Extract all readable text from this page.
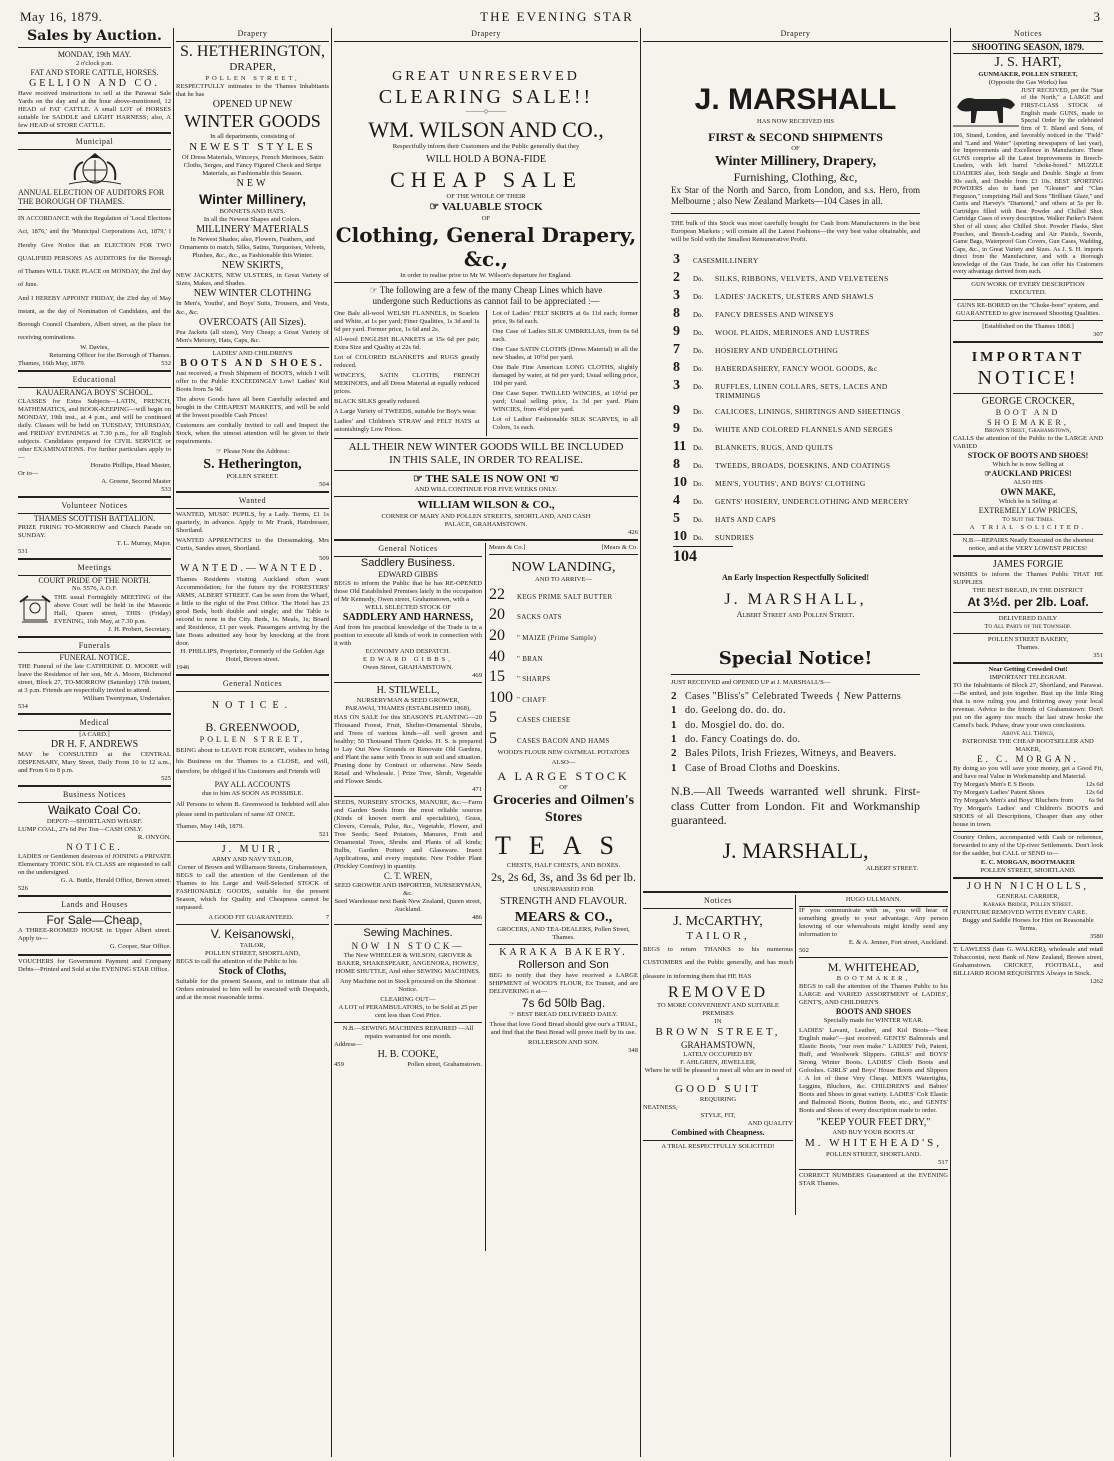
May 16, 1879.	THE EVENING STAR	3
Sales by Auction.
MONDAY, 19th MAY.
2 o'clock p.m.
FAT AND STORE CATTLE, HORSES.
GELLION AND CO.
Have received instructions to sell at the Parawai Sale Yards on the day and at the hour above-mentioned, 12 HEAD of FAT CATTLE. A small LOT of HORSES suitable for SADDLE and LIGHT HARNESS; also, A few HEAD of STORE CATTLE.
Municipal
ANNUAL ELECTION OF AUDITORS FOR THE BOROUGH OF THAMES.
IN ACCORDANCE with the Regulation of 'Local Elections Act, 1876,' and the 'Municipal Corporations Act, 1879,' I Hereby Give Notice that an ELECTION FOR TWO QUALIFIED PERSONS AS AUDITORS for the Borough of Thames WILL TAKE PLACE on MONDAY, the 2nd day of June.
And I HEREBY APPOINT FRIDAY, the 23rd day of May instant, as the day of Nomination of Candidates, and the Borough Council Chambers, Albert street, as the place for receiving nominations.
W. Davies,
Returning Officer for the Borough of Thames.
Thames, 16th May, 1879.	532
Educational
KAUAERANGA BOYS' SCHOOL.
CLASSES for Extra Subjects—LATIN, FRENCH, MATHEMATICS, and BOOK-KEEPING—will begin on MONDAY, 19th inst., at 4 p.m., and will be continued daily. Classes will be held on TUESDAY, THURSDAY, and FRIDAY EVENINGS at 7.30 p.m., for all English subjects. Candidates prepared for CIVIL SERVICE or other EXAMINATIONS. For further particulars apply to—
Horatio Phillips, Head Master,
Or to—
A. Greene, Second Master
533
Volunteer Notices
THAMES SCOTTISH BATTALION.
PRIZE FIRING TO-MORROW and Church Parade on SUNDAY.
T. L. Murray, Major.
531
Meetings
COURT PRIDE OF THE NORTH.
No. 5576, A.O.F.
THE usual Fortnightly MEETING of the above Court will be held in the Masonic Hall, Queen street, THIS (Friday) EVENING, 16th May, at 7.30 p.m.
J. H. Probert, Secretary.
Funerals
FUNERAL NOTICE.
THE Funeral of the late CATHERINE D. MOORE will leave the Residence of her son, Mr A. Moore, Richmond street, Block 27, TO-MORROW (Saturday) 17th instant, at 3 p.m. Friends are respectfully invited to attend.
William Twentyman, Undertaker.
534
Medical
[A CARD.]
DR H. F. ANDREWS
MAY be CONSULTED at the CENTRAL DISPENSARY, Mary Street, Daily From 10 to 12 a.m., and From 6 to 8 p.m.
525
Business Notices
Waikato Coal Co.
DEPOT:—SHORTLAND WHARF.
LUMP COAL, 27s 6d Per Ton—CASH ONLY.
R. ONYON.
NOTICE.
LADIES or Gentlemen desirous of JOINING a PRIVATE Elementary TONIC SOL FA CLASS are requested to call on the undersigned.
G. A. Buttle, Herald Office, Brown street.
526
Lands and Houses
For Sale—Cheap,
A THREE-ROOMED HOUSE in Upper Albert street. Apply to—
G. Cooper, Star Office.
VOUCHERS for Government Payment and Company Debts—Printed and Sold at the EVENING STAR Office.
Drapery
S. HETHERINGTON,
DRAPER,
POLLEN STREET,
RESPECTFULLY intimates to the Thames Inhabitants that he has
OPENED UP NEW
WINTER GOODS
In all departments, consisting of
NEWEST STYLES
Of Dress Materials, Winceys, French Merinoes, Satin Cloths, Serges, and Fancy Figured Check and Stripe Materials, as Fashionable this Season.
NEW
Winter Millinery,
BONNETS AND HATS.
In all the Newest Shapes and Colors.
MILLINERY MATERIALS
In Newest Shades; also, Flowers, Feathers, and Ornaments to match, Silks, Satins, Turquoises, Velvets, Plushes, &c., &c., as Fashionable this Winter.
NEW SKIRTS,
NEW JACKETS, NEW ULSTERS, in Great Variety of Sizes, Makes, and Shades.
NEW WINTER CLOTHING
In Men's, Youths', and Boys' Suits, Trousers, and Vests, &c., &c.
OVERCOATS (All Sizes).
Pea Jackets (all sizes), Very Cheap; a Great Variety of Men's Mercery, Hats, Caps, &c.
LADIES' AND CHILDREN'S
BOOTS AND SHOES.
Just received, a Fresh Shipment of BOOTS, which I will offer to the Public EXCEEDINGLY Low! Ladies' Kid Boots from 5s 9d.
The above Goods have all been Carefully selected and bought in the CHEAPEST MARKETS, and will be sold at the lowest possible Cash Prices!
Customers are cordially invited to call and Inspect the Stock, when the utmost attention will be given to their requirements.
☞ Please Note the Address:
S. Hetherington,
POLLEN STREET.
504
Wanted
WANTED, MUSIC PUPILS, by a Lady. Terms, £1 1s quarterly, in advance. Apply to Mr Frank, Hairdresser, Shortland.
WANTED APPRENTICES to the Dressmaking. Mrs Curtis, Sandes street, Shortland.
509
WANTED.—WANTED.
Thames Residents visiting Auckland often want Accommodation; for the future try the FORESTERS' ARMS, ALBERT STREET. Can be seen from the Wharf, a little to the right of the Post Office. The Hotel has 23 good Beds, both double and single; and the Table is second to none in the City. Beds, 1s. Meals, 1s; Board and Residence, £1 per week. Passengers arriving by the late Boats admitted any hour by knocking at the front door.
H. PHILLIPS, Proprietor, Formerly of the Golden Age Hotel, Brown street.
1946
General Notices
NOTICE.
B. GREENWOOD,
POLLEN STREET,
BEING about to LEAVE FOR EUROPE, wishes to bring his Business on the Thames to a CLOSE, and will, therefore, be obliged if his Customers and Friends will
PAY ALL ACCOUNTS
due to him AS SOON AS POSSIBLE.
All Persons to whom B. Greenwood is Indebted will also please send in particulars of same AT ONCE.
Thames, May 14th, 1879.
521
J. MUIR,
ARMY AND NAVY TAILOR,
Corner of Brown and Williamson Streets, Grahamstown,
BEGS to call the attention of the Gentlemen of the Thames to his Large and Well-Selected STOCK of FASHIONABLE GOODS, suitable for the present Season, which for Quality and Cheapness cannot be surpassed.
A GOOD FIT GUARANTEED.	7
V. Keisanowski,
TAILOR,
POLLEN STREET, SHORTLAND,
BEGS to call the attention of the Public to his
Stock of Cloths,
Suitable for the present Season, and to intimate that all Orders entrusted to him will be executed with Despatch, and at the most reasonable terms.
Drapery
GREAT UNRESERVED
CLEARING SALE!!
———◇———
WM. WILSON AND CO.,
Respectfully inform their Customers and the Public generally that they
WILL HOLD A BONA-FIDE
CHEAP SALE
OF THE WHOLE OF THEIR
☞ VALUABLE STOCK
OF
Clothing, General Drapery, &c.,
In order to realise prior to Mr W. Wilson's departure for England.
☞ The following are a few of the many Cheap Lines which have undergone such Reductions as cannot fail to be appreciated :—
One Bale all-wool WELSH FLANNELS, in Scarlets and White, at 1s per yard; Finer Qualities, 1s 3d and 1s 6d per yard. Former price, 1s 6d and 2s.
All-wool ENGLISH BLANKETS at 15s 6d per pair; Extra Size and Quality at 22s 6d.
Lot of COLORED BLANKETS and RUGS greatly reduced.
WINCEYS, SATIN CLOTHS, FRENCH MERINOES, and all Dress Material at equally reduced prices.
BLACK SILKS greatly reduced.
A Large Variety of TWEEDS, suitable for Boy's wear.
Ladies' and Children's STRAW and FELT HATS at astonishingly Low Prices.
Lot of Ladies' FELT SKIRTS at 6s 11d each; former price, 9s 6d each.
One Case of Ladies SILK UMBRELLAS, from 6s 6d each.
One Case SATIN CLOTHS (Dress Material) in all the new Shades, at 10½d per yard.
One Bale Fine American LONG CLOTHS, slightly damaged by water, at 6d per yard; Usual selling price, 10d per yard.
One Case Super. TWILLED WINCIES, at 10½d per yard; Usual selling price, 1s 3d per yard. Plain WINCIES, from 4½d per yard.
Lot of Ladies' Fashionable SILK SCARVES, in all Colors, 1s each.
ALL THEIR NEW WINTER GOODS WILL BE INCLUDED IN THIS SALE, IN ORDER TO REALISE.
☞ THE SALE IS NOW ON! ☜
AND WILL CONTINUE FOR FIVE WEEKS ONLY.
WILLIAM WILSON & CO.,
CORNER OF MARY AND POLLEN STREETS, SHORTLAND, AND CASH PALACE, GRAHAMSTOWN.
426
General Notices
Saddlery Business.
EDWARD GIBBS
BEGS to inform the Public that he has RE-OPENED those Old Established Premises lately in the occupation of Mr Kennedy, Owen street, Grahamstown, with a
WELL SELECTED STOCK OF
SADDLERY AND HARNESS,
And from his practical knowledge of the Trade is in a position to execute all kinds of work in connection with it with
ECONOMY AND DESPATCH.
EDWARD GIBBS,
Owen Street, GRAHAMSTOWN.
469
H. STILWELL,
NURSERYMAN & SEED GROWER,
PARAWAI, THAMES (ESTABLISHED 1868),
HAS ON SALE for this SEASON'S PLANTING—20 Thousand Forest, Fruit, Shelter-Ornamental Shrubs, and Trees of various kinds—all well grown and healthy; 50 Thousand Thorn Quicks. H. S. is prepared to Lay Out New Grounds or Renovate Old Gardens, and Plant the same with Trees to suit soil and situation. Pruning done by Contract or otherwise. New Seeds Retail and Wholesale. | Prize Tree, Shrub, Vegetable and Flower Seeds.
471
SEEDS, NURSERY STOCKS, MANURE, &c.—Farm and Garden Seeds from the most reliable sources (Kinds of known merit and specialities), Grass, Clovers, Cereals, Pulse, &c., Vegetable, Flower, and Tree Seeds; Seed Potatoes, Manures, Fruit and Ornamental Trees, Shrubs and Plants of all kinds; Bulbs, Garden Pottery and Glassware. Insect Applications, and every requisite. New Fodder Plant (Prickley Comfrey) in quantity.
C. T. WREN,
SEED GROWER AND IMPORTER, NURSERYMAN, &c.
Seed Warehouse next Bank New Zealand, Queen street, Auckland.
486
Sewing Machines.
NOW IN STOCK—
The New WHEELER & WILSON, GROVER & BAKER, SHAKESPEARE, ANGENORA, HOWES', HOME SHUTTLE, And other SEWING MACHINES.
Any Machine not in Stock procured on the Shortest Notice.
CLEARING OUT—
A LOT of PERAMBULATORS, to be Sold at 25 per cent less than Cost Price.
N.B.—SEWING MACHINES REPAIRED —All repairs warranted for one month.
Address—
H. B. COOKE,
459	Pollen street, Grahamstown.
Mears & Co.]	[Mears & Co.
NOW LANDING,
AND TO ARRIVE—
22	KEGS PRIME SALT BUTTER
20	SACKS OATS
20	" MAIZE (Prime Sample)
40	" BRAN
15	" SHARPS
100 " CHAFF
5	CASES CHEESE
5	CASES BACON AND HAMS
WOOD'S FLOUR NEW OATMEAL POTATOES
ALSO—
A LARGE STOCK
OF
Groceries and Oilmen's Stores
TEAS
CHESTS, HALF CHESTS, AND BOXES.
2s, 2s 6d, 3s, and 3s 6d per lb.
UNSURPASSED FOR
STRENGTH AND FLAVOUR.
MEARS & CO.,
GROCERS, AND TEA-DEALERS, Pollen Street, Thames.
KARAKA BAKERY.
Rollerson and Son
BEG to notify that they have received a LARGE SHIPMENT of WOOD'S FLOUR, Ex Transit, and are DELIVERING it at—
7s 6d 50lb Bag.
☞ BEST BREAD DELIVERED DAILY.
Those that love Good Bread should give our's a TRIAL, and find that the Best Bread will prove itself by its use.
ROLLERSON AND SON.
348
Drapery
J. MARSHALL
HAS NOW RECEIVED HIS
FIRST & SECOND SHIPMENTS
OF
Winter Millinery, Drapery,
Furnishing, Clothing, &c,
Ex Star of the North and Sarco, from London, and s.s. Hero, from Melbourne ; also New Zealand Markets—104 Cases in all.
THE bulk of this Stock was most carefully bought for Cash from Manufacturers in the best European Markets ; will contain all the Latest Fashions—the very best value obtainable, and will be Sold with the Smallest Remunerative Profit.
3	CASES MILLINERY
2	Do.	SILKS, RIBBONS, VELVETS, AND VELVETEENS
3	Do.	LADIES' JACKETS, ULSTERS AND SHAWLS
8	Do.	FANCY DRESSES AND WINSEYS
9	Do.	WOOL PLAIDS, MERINOES AND LUSTRES
7	Do.	HOSIERY AND UNDERCLOTHING
8	Do.	HABERDASHERY, FANCY WOOL GOODS, &c
3	Do.	RUFFLES, LINEN COLLARS, SETS, LACES AND TRIMMINGS
9	Do.	CALICOES, LININGS, SHIRTINGS AND SHEETINGS
9	Do.	WHITE AND COLORED FLANNELS AND SERGES
11 Do.	BLANKETS, RUGS, AND QUILTS
8	Do.	TWEEDS, BROADS, DOESKINS, AND COATINGS
10 Do.	MEN'S, YOUTHS', AND BOYS' CLOTHING
4	Do.	GENTS' HOSIERY, UNDERCLOTHING AND MERCERY
5	Do.	HATS AND CAPS
10 Do.	SUNDRIES
104
An Early Inspection Respectfully Solicited!
J. MARSHALL,
Albert Street and Pollen Street.
Special Notice!
JUST RECEIVED and OPENED UP at J. MARSHALL'S—
2 Cases "Bliss's" Celebrated Tweeds { New Patterns
1 do. Geelong do. do. do.
1 do. Mosgiel do. do. do.
1 do. Fancy Coatings do. do.
2 Bales Pilots, Irish Friezes, Witneys, and Beavers.
1 Case of Broad Cloths and Doeskins.
N.B.—All Tweeds warranted well shrunk. First-class Cutter from London. Fit and Workmanship guaranteed.
J. MARSHALL,
ALBERT STREET.
Notices
J. McCARTHY,
TAILOR,
BEGS to return THANKS to his numerous CUSTOMERS and the Public generally, and has much pleasure in informing them that HE HAS
REMOVED
TO MORE CONVENIENT AND SUITABLE PREMISES
IN
BROWN STREET,
GRAHAMSTOWN,
LATELY OCCUPIED BY
F. AHLGREN, JEWELLER,
Where he will be pleased to meet all who are in need of a
GOOD SUIT
REQUIRING
NEATNESS,
STYLE, FIT,
AND QUALITY
Combined with Cheapness.
A TRIAL RESPECTFULLY SOLICITED!
HUGO ULLMANN.
IF you communicate with us, you will hear of something greatly to your advantage. Any person knowing of our whereabouts might kindly send any information to
E. & A. Jenner, Fort street, Auckland.
502
M. WHITEHEAD,
BOOTMAKER,
BEGS to call the attention of the Thames Public to his LARGE and VARIED ASSORTMENT of LADIES', GENT'S, AND CHILDREN'S
BOOTS AND SHOES
Specially made for WINTER WEAR.
LADIES' Lavant, Leather, and Kid Boots—"best English make"—just received. GENTS' Balmorals and Elastic Boots, "our own make." LADIES' Felt, Patent, Buff, and Woolwork Slippers. GIRLS' and BOYS' Strong Winter Boots. LADIES' Cloth Boots and Goloshes. GIRLS' and Boys' House Boots and Slippers : A lot of these Very Cheap. MEN'S Watertights, Leggins, Bluchers, &c. CHILDREN'S and Babies' Boots and Shoes in great variety. LADIES' Colt Elastic and Balmoral Boots, Button Boots, etc., and GENTS' Boots and Shoes of every description made to order.
"KEEP YOUR FEET DRY,"
AND BUY YOUR BOOTS AT
M. WHITEHEAD'S,
POLLEN STREET, SHORTLAND.
517
CORRECT NUMBERS Guaranteed at the EVENING STAR Thames.
Notices
SHOOTING SEASON, 1879.
J. S. HART,
GUNMAKER, POLLEN STREET,
(Opposite the Gas Works) has
JUST RECEIVED, per the "Star of the North," a LARGE and FIRST-CLASS STOCK of English made GUNS, made to Special Order by the celebrated firm of T. Bland and Sons, of 106, Strand, London, and favorably noticed in the "Field" and "Land and Water" (sporting newspapers of last year), for Improvements and Excellence in Manufacture. These GUNS comprise all the Latest Improvements in Breech-Loaders, with left barrel "choke-bored." MUZZLE LOADERS also, both Single and Double. Single at from 30s each, and Double from £3 10s. BEST SPORTING POWDERS also to hand per "Gleaner" and "Clan Ferguson," comprising Hall and Sons "Brilliant Glaze," and Curtis and Harvey's "Diamond," and others at 5s per lb. Cartridges filled with Best Powder and Chilled Shot. Cartridge Cases of every description. Walker Parker's Patent Shot of all sizes; also Chilled Shot. Powder Flasks, Shot Pouches, and Breech-Loading and Air Pistols, Swords, Game Bags, Waterproof Gun Covers, Gun Cases, Wadding, Caps, &c., in Great Variety and Sizes. As J. S. H. imports direct from the Manufacturer, and with a thorough knowledge of the Gun Trade, he can offer his Customers every advantage derived from such.
GUN WORK OF EVERY DESCRIPTION EXECUTED.
GUNS RE-BORED on the "Choke-bore" system, and GUARANTEED to give increased Shooting Qualities.
[Established on the Thames 1868.]
307
IMPORTANT
NOTICE!
GEORGE CROCKER,
BOOT AND SHOEMAKER,
Brown Street, Grahamstown,
CALLS the attention of the Public to the LARGE AND VARIED
STOCK OF BOOTS AND SHOES!
Which he is now Selling at
☞AUCKLAND PRICES!
ALSO HIS
OWN MAKE,
Which he is Selling at
EXTREMELY LOW PRICES,
To Suit the Times.
A TRIAL SOLICITED.
N.B.—REPAIRS Neatly Executed on the shortest notice, and at the VERY LOWEST PRICES!
JAMES FORGIE
WISHES to inform the Thames Public THAT HE SUPPLIES
THE BEST BREAD, IN THE DISTRICT
At 3½d. per 2lb. Loaf.
DELIVERED DAILY
To All Parts of the Township.
POLLEN STREET BAKERY,
Thames.
351
Near Getting Crowded Out!
IMPORTANT TELEGRAM.
TO the Inhabitants of Block 27, Shortland, and Parawai.—Be united, and join together. Bust up the little Ring that is now ruling you and frittering away your local revenue. Advice to the friends of Grahamstown: Don't put on the agony too much: the last straw broke the Camel's back. Pshaw, draw your own conclusions.
Above All Things,
PATRONISE THE CHEAP BOOTSELLER AND MAKER,
E. C. MORGAN.
By doing so you will save your money, get a Good Fit, and have real Value in Workmanship and Material.
Try Morgan's Men's E S Boots	12s 6d
Try Morgan's Ladies' Patent Shoes	12s 6d
Try Morgan's Men's and Boys' Bluchers from 6s 9d
Try Morgan's Ladies' and Children's BOOTS and SHOES of all Descriptions, Cheaper than any other house in town.
Country Orders, accompanied with Cash or reference, forwarded to any of the Up-river Settlements. Don't look for the sadder, but CALL or SEND to—
E. C. MORGAN, BOOTMAKER
POLLEN STREET, SHORTLAND.
JOHN NICHOLLS,
GENERAL CARRIER,
Karaka Bridge, Pollen Street.
FURNITURE REMOVED WITH EVERY CARE.
Buggy and Saddle Horses for Hire on Reasonable Terms.
3580
T. LAWLESS (late G. WALKER), wholesale and retail Tobacconist, next Bank of New Zealand, Brown street, Grahamstown. CRICKET, FOOTBALL, and BILLIARD ROOM REQUISITES Always in Stock.
1262
